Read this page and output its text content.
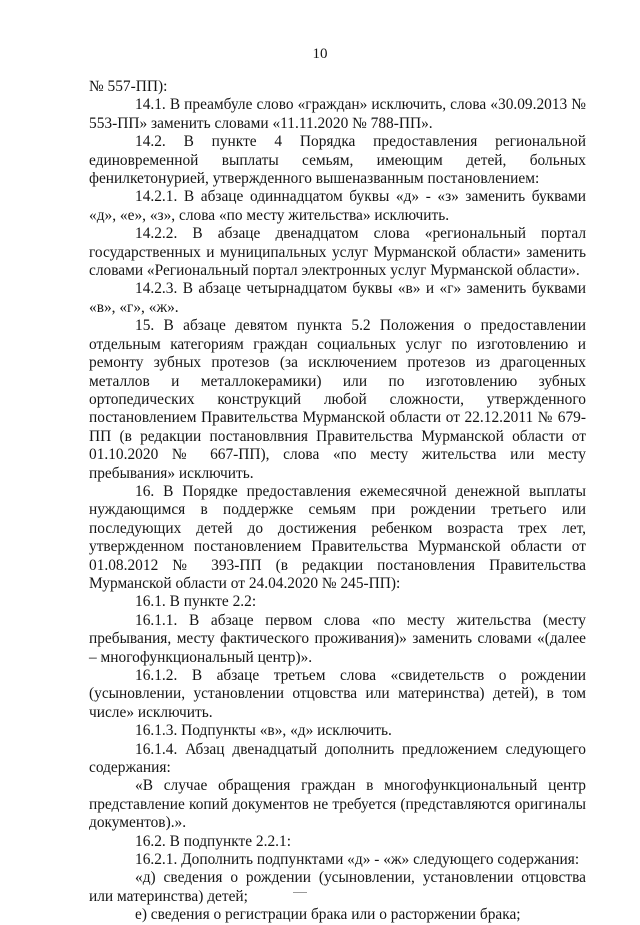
10

№ 557-ПП):

14.1. В преамбуле слово «граждан» исключить, слова «30.09.2013 № 553-ПП» заменить словами «11.11.2020 № 788-ПП».

14.2. В пункте 4 Порядка предоставления региональной единовременной выплаты семьям, имеющим детей, больных фенилкетонурией, утвержденного вышеназванным постановлением:

14.2.1. В абзаце одиннадцатом буквы «д» - «з» заменить буквами «д», «е», «з», слова «по месту жительства» исключить.

14.2.2. В абзаце двенадцатом слова «региональный портал государственных и муниципальных услуг Мурманской области» заменить словами «Региональный портал электронных услуг Мурманской области».

14.2.3. В абзаце четырнадцатом буквы «в» и «г» заменить буквами «в», «г», «ж».

15. В абзаце девятом пункта 5.2 Положения о предоставлении отдельным категориям граждан социальных услуг по изготовлению и ремонту зубных протезов (за исключением протезов из драгоценных металлов и металлокерамики) или по изготовлению зубных ортопедических конструкций любой сложности, утвержденного постановлением Правительства Мурманской области от 22.12.2011 № 679-ПП (в редакции постановлвния Правительства Мурманской области от 01.10.2020 № 667-ПП), слова «по месту жительства или месту пребывания» исключить.

16. В Порядке предоставления ежемесячной денежной выплаты нуждающимся в поддержке семьям при рождении третьего или последующих детей до достижения ребенком возраста трех лет, утвержденном постановлением Правительства Мурманской области от 01.08.2012 № 393-ПП (в редакции постановления Правительства Мурманской области от 24.04.2020 № 245-ПП):

16.1. В пункте 2.2:

16.1.1. В абзаце первом слова «по месту жительства (месту пребывания, месту фактического проживания)» заменить словами «(далее – многофункциональный центр)».

16.1.2. В абзаце третьем слова «свидетельств о рождении (усыновлении, установлении отцовства или материнства) детей), в том числе» исключить.

16.1.3. Подпункты «в», «д» исключить.

16.1.4. Абзац двенадцатый дополнить предложением следующего содержания:

«В случае обращения граждан в многофункциональный центр представление копий документов не требуется (представляются оригиналы документов).».

16.2. В подпункте 2.2.1:

16.2.1. Дополнить подпунктами «д» - «ж» следующего содержания:

«д) сведения о рождении (усыновлении, установлении отцовства или материнства) детей;

е) сведения о регистрации брака или о расторжении брака;
